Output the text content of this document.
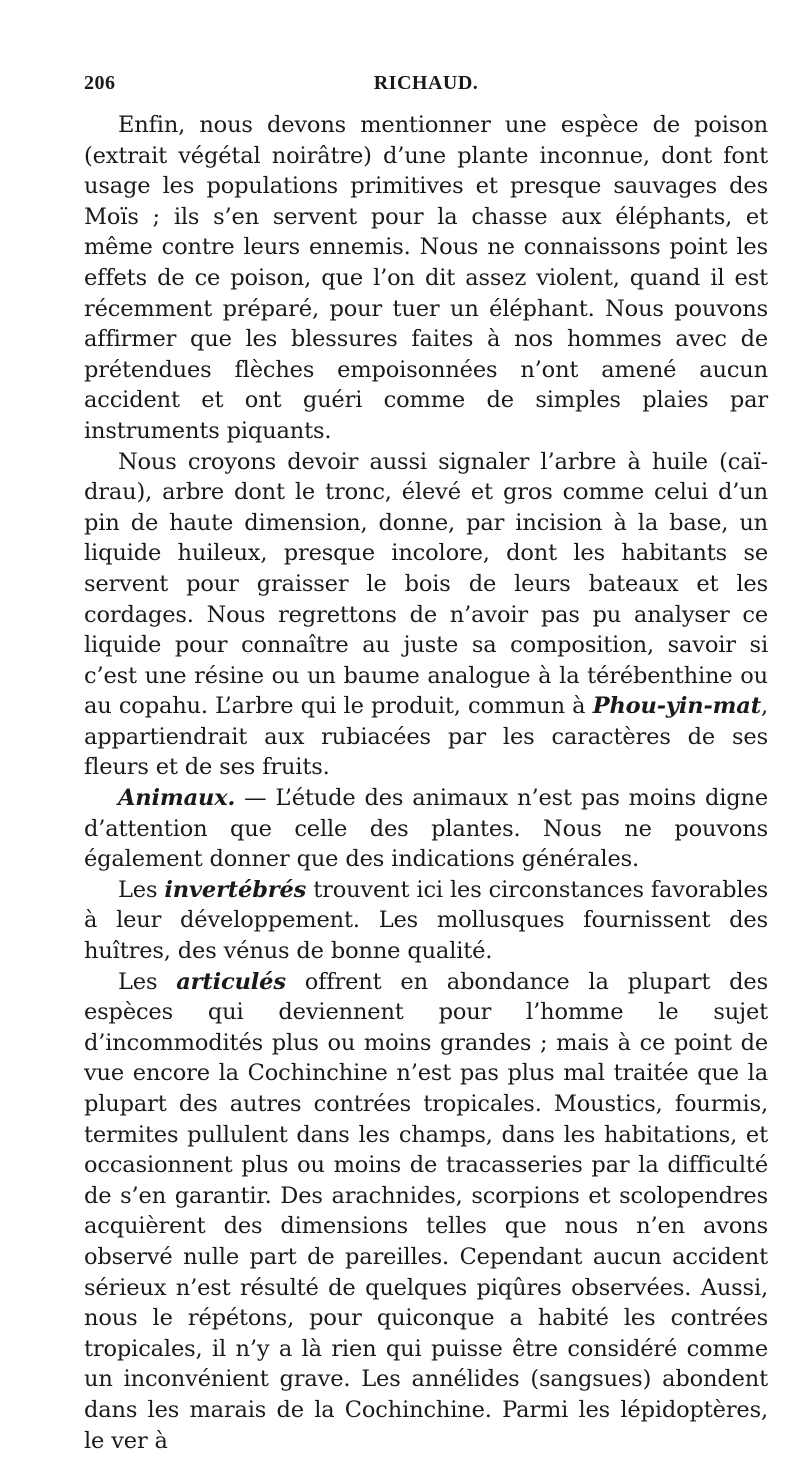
206	RICHAUD.

Enfin, nous devons mentionner une espèce de poison (extrait végétal noirâtre) d’une plante inconnue, dont font usage les populations primitives et presque sauvages des Moïs ; ils s’en servent pour la chasse aux éléphants, et même contre leurs ennemis. Nous ne connaissons point les effets de ce poison, que l’on dit assez violent, quand il est récemment préparé, pour tuer un éléphant. Nous pouvons affirmer que les blessures faites à nos hommes avec de prétendues flèches empoisonnées n’ont amené aucun accident et ont guéri comme de simples plaies par instruments piquants.

Nous croyons devoir aussi signaler l’arbre à huile (caï-drau), arbre dont le tronc, élevé et gros comme celui d’un pin de haute dimension, donne, par incision à la base, un liquide huileux, presque incolore, dont les habitants se servent pour graisser le bois de leurs bateaux et les cordages. Nous regrettons de n’avoir pas pu analyser ce liquide pour connaître au juste sa composition, savoir si c’est une résine ou un baume analogue à la térébenthine ou au copahu. L’arbre qui le produit, commun à Phou-yin-mat, appartiendrait aux rubiacées par les caractères de ses fleurs et de ses fruits.

Animaux. — L’étude des animaux n’est pas moins digne d’attention que celle des plantes. Nous ne pouvons également donner que des indications générales.

Les invertébrés trouvent ici les circonstances favorables à leur développement. Les mollusques fournissent des huîtres, des vénus de bonne qualité.

Les articulés offrent en abondance la plupart des espèces qui deviennent pour l’homme le sujet d’incommodités plus ou moins grandes ; mais à ce point de vue encore la Cochinchine n’est pas plus mal traitée que la plupart des autres contrées tropicales. Moustics, fourmis, termites pullulent dans les champs, dans les habitations, et occasionnent plus ou moins de tracasseries par la difficulté de s’en garantir. Des arachnides, scorpions et scolopendres acquièrent des dimensions telles que nous n’en avons observé nulle part de pareilles. Cependant aucun accident sérieux n’est résulté de quelques piqûres observées. Aussi, nous le répétons, pour quiconque a habité les contrées tropicales, il n’y a là rien qui puisse être considéré comme un inconvénient grave. Les annélides (sangsues) abondent dans les marais de la Cochinchine. Parmi les lépidoptères, le ver à
